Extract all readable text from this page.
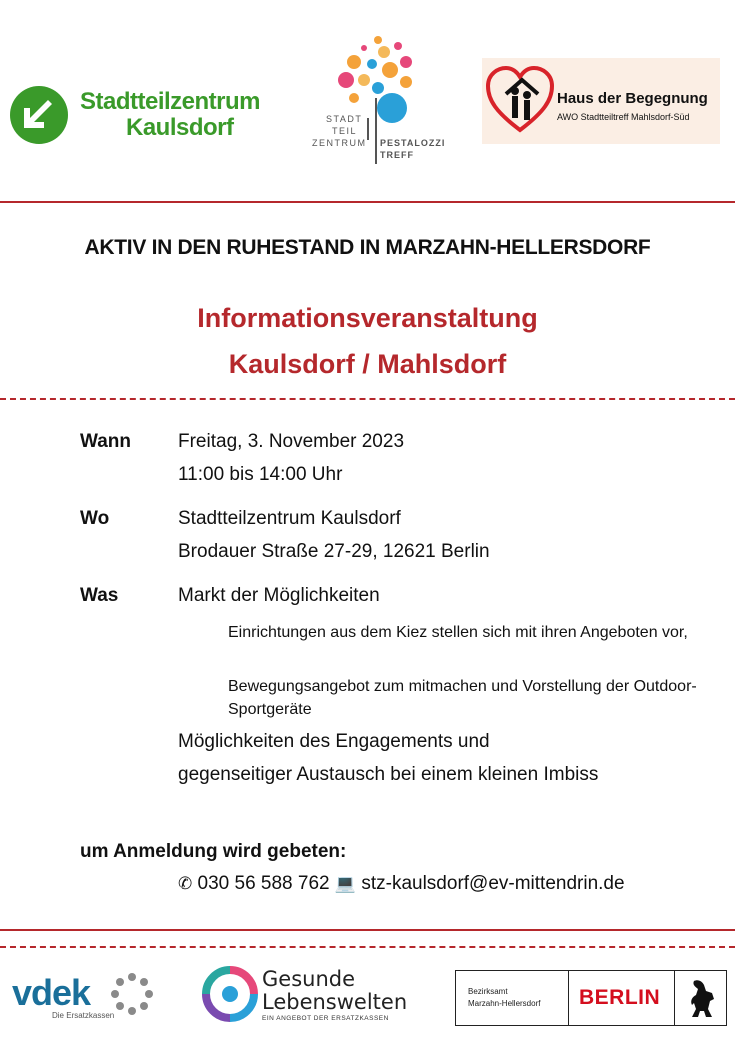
Stadtteilzentrum
Kaulsdorf	STADT
TEIL
ZENTRUM PESTALOZZI
TREFF
Haus der Begegnung
AWO Stadtteiltreff Mahlsdorf-Süd
AKTIV IN DEN RUHESTAND IN MARZAHN-HELLERSDORF
Informationsveranstaltung
Kaulsdorf / Mahlsdorf
Wann Freitag, 3. November 2023
11:00 bis 14:00 Uhr
Wo	Stadtteilzentrum Kaulsdorf
Brodauer Straße 27-29, 12621 Berlin
Was	Markt der Möglichkeiten
Einrichtungen aus dem Kiez stellen sich mit ihren Angeboten vor,
Bewegungsangebot zum mitmachen und Vorstellung der Outdoor-Sportgeräte
Möglichkeiten des Engagements und
gegenseitiger Austausch bei einem kleinen Imbiss
um Anmeldung wird gebeten:
✆ 030 56 588 762 💻 stz-kaulsdorf@ev-mittendrin.de
vdek
Die Ersatzkassen
Gesunde
Lebenswelten
EIN ANGEBOT DER ERSATZKASSEN
Bezirksamt
Marzahn-Hellersdorf BERLIN
